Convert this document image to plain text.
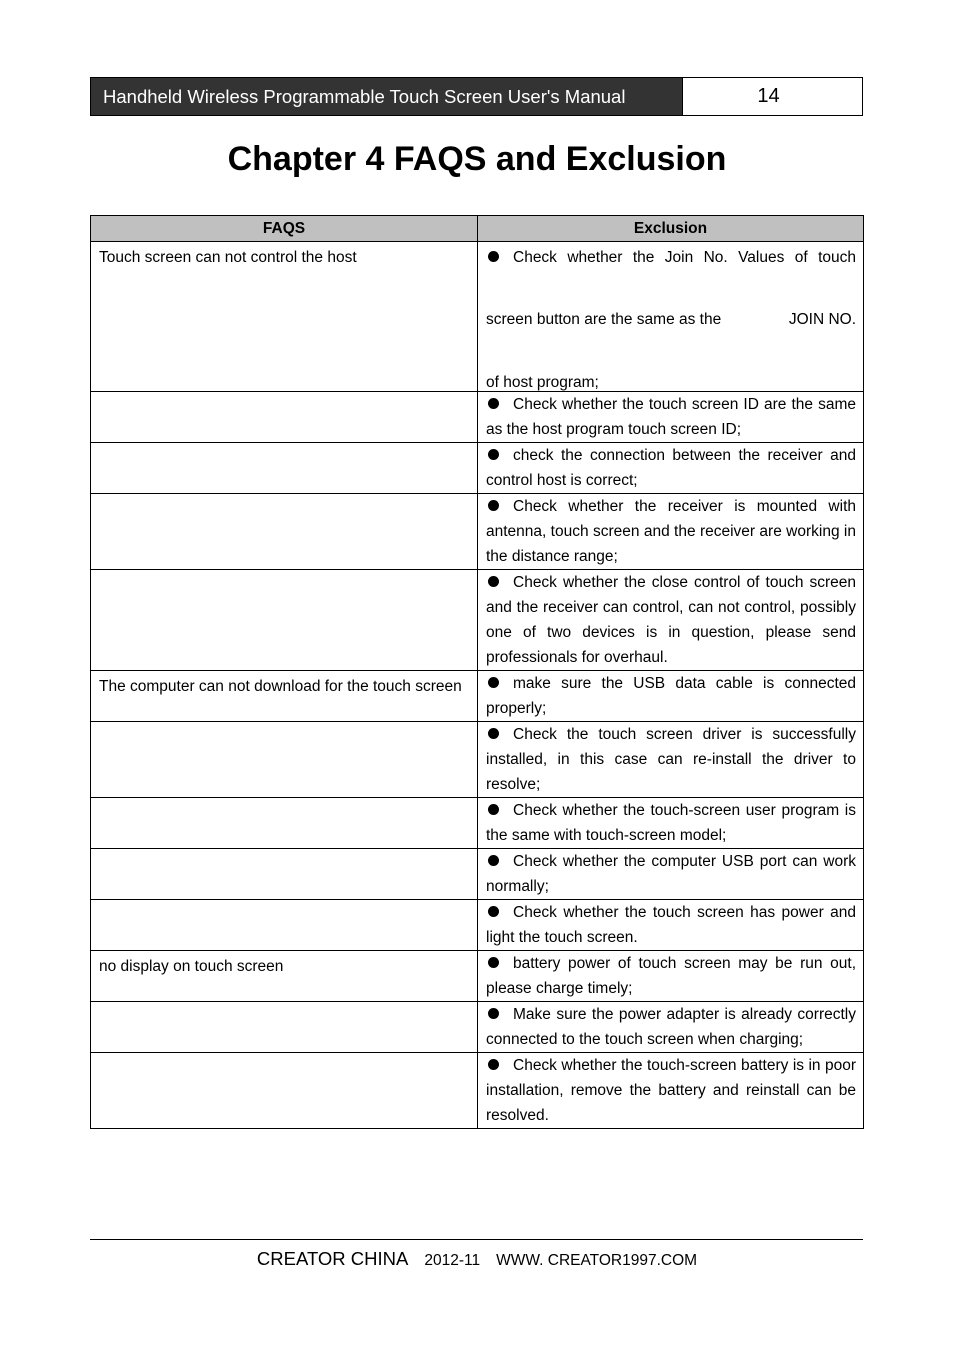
Handheld Wireless Programmable Touch Screen User's Manual	14
Chapter 4 FAQS and Exclusion
FAQS	Exclusion

Touch screen can not control the host	Check whether the Join No. Values of touch
screen button are the same as the JOIN NO.
of host program;

	Check whether the touch screen ID are the same as the host program touch screen ID;

	check the connection between the receiver and control host is correct;

	Check whether the receiver is mounted with antenna, touch screen and the receiver are working in the distance range;

	Check whether the close control of touch screen and the receiver can control, can not control, possibly one of two devices is in question, please send professionals for overhaul.

The computer can not download for the touch screen	make sure the USB data cable is connected properly;

	Check the touch screen driver is successfully installed, in this case can re-install the driver to resolve;

	Check whether the touch-screen user program is the same with touch-screen model;

	Check whether the computer USB port can work normally;

	Check whether the touch screen has power and light the touch screen.

no display on touch screen	battery power of touch screen may be run out, please charge timely;

	Make sure the power adapter is already correctly connected to the touch screen when charging;

	Check whether the touch-screen battery is in poor installation, remove the battery and reinstall can be resolved.
CREATOR CHINA 2012-11 WWW. CREATOR1997.COM
